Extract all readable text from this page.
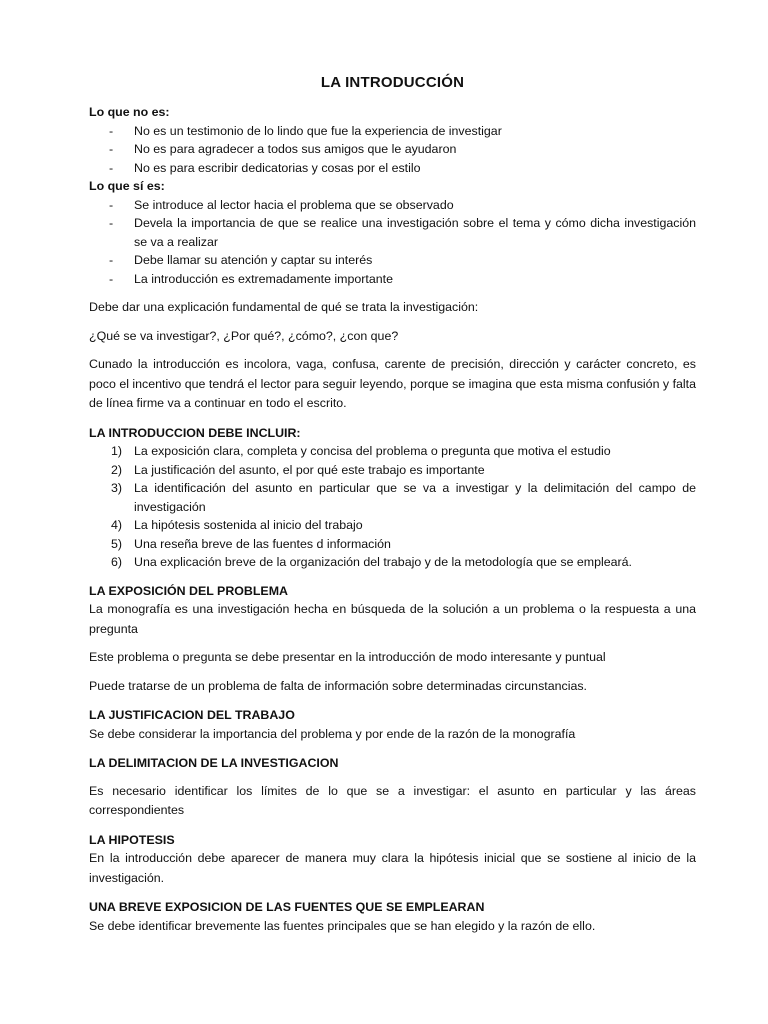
LA INTRODUCCIÓN
Lo que no es:
-	No es un testimonio de lo lindo que fue la experiencia de investigar
-	No es para agradecer a todos sus amigos que le ayudaron
-	No es para escribir dedicatorias y cosas por el estilo
Lo que sí es:
-	Se introduce al lector hacia el problema que se observado
-	Devela la importancia de que se realice una investigación sobre el tema y cómo dicha investigación se va a realizar
-	Debe llamar su atención y captar su interés
-	La introducción es extremadamente importante
Debe dar una explicación fundamental de qué se trata la investigación:
¿Qué se va investigar?, ¿Por qué?, ¿cómo?, ¿con que?
Cunado la introducción es incolora, vaga, confusa, carente de precisión, dirección y carácter concreto, es poco el incentivo que tendrá el lector para seguir leyendo, porque se imagina que esta misma confusión y falta de línea firme va a continuar en todo el escrito.
LA INTRODUCCION DEBE INCLUIR:
1) La exposición clara, completa y concisa del problema o pregunta que motiva el estudio
2) La justificación del asunto, el por qué este trabajo es importante
3) La identificación del asunto en particular que se va a investigar y la delimitación del campo de investigación
4) La hipótesis sostenida al inicio del trabajo
5) Una reseña breve de las fuentes d información
6) Una explicación breve de la organización del trabajo y de la metodología que se empleará.
LA EXPOSICIÓN DEL PROBLEMA
La monografía es una investigación hecha en búsqueda de la solución a un problema o la respuesta a una pregunta
Este problema o pregunta se debe presentar en la introducción de modo interesante y puntual
Puede tratarse de un problema de falta de información sobre determinadas circunstancias.
LA JUSTIFICACION DEL TRABAJO
Se debe considerar la importancia del problema y por ende de la razón de la monografía
LA DELIMITACION DE LA INVESTIGACION
Es necesario identificar los límites de lo que se a investigar: el asunto en particular y las áreas correspondientes
LA HIPOTESIS
En la introducción debe aparecer de manera muy clara la hipótesis inicial que se sostiene al inicio de la investigación.
UNA BREVE EXPOSICION DE LAS FUENTES QUE SE EMPLEARAN
Se debe identificar brevemente las fuentes principales que se han elegido y la razón de ello.
